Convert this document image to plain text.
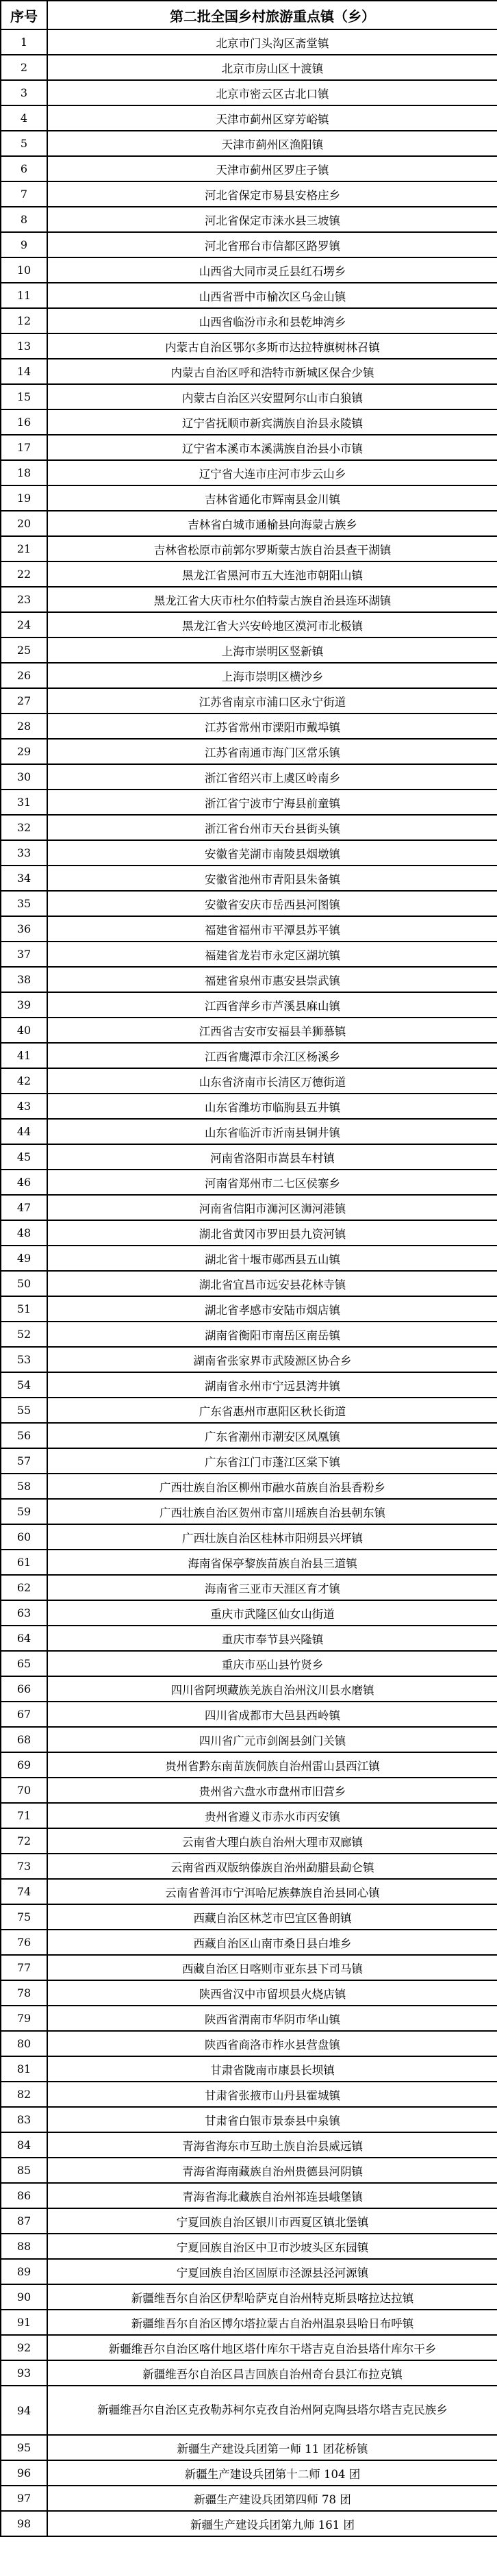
序号	第二批全国乡村旅游重点镇（乡）
1	北京市门头沟区斋堂镇
2	北京市房山区十渡镇
3	北京市密云区古北口镇
4	天津市蓟州区穿芳峪镇
5	天津市蓟州区渔阳镇
6	天津市蓟州区罗庄子镇
7	河北省保定市易县安格庄乡
8	河北省保定市涞水县三坡镇
9	河北省邢台市信都区路罗镇
10	山西省大同市灵丘县红石塄乡
11	山西省晋中市榆次区乌金山镇
12	山西省临汾市永和县乾坤湾乡
13	内蒙古自治区鄂尔多斯市达拉特旗树林召镇
14	内蒙古自治区呼和浩特市新城区保合少镇
15	内蒙古自治区兴安盟阿尔山市白狼镇
16	辽宁省抚顺市新宾满族自治县永陵镇
17	辽宁省本溪市本溪满族自治县小市镇
18	辽宁省大连市庄河市步云山乡
19	吉林省通化市辉南县金川镇
20	吉林省白城市通榆县向海蒙古族乡
21	吉林省松原市前郭尔罗斯蒙古族自治县查干湖镇
22	黑龙江省黑河市五大连池市朝阳山镇
23	黑龙江省大庆市杜尔伯特蒙古族自治县连环湖镇
24	黑龙江省大兴安岭地区漠河市北极镇
25	上海市崇明区竖新镇
26	上海市崇明区横沙乡
27	江苏省南京市浦口区永宁街道
28	江苏省常州市溧阳市戴埠镇
29	江苏省南通市海门区常乐镇
30	浙江省绍兴市上虞区岭南乡
31	浙江省宁波市宁海县前童镇
32	浙江省台州市天台县街头镇
33	安徽省芜湖市南陵县烟墩镇
34	安徽省池州市青阳县朱备镇
35	安徽省安庆市岳西县河图镇
36	福建省福州市平潭县苏平镇
37	福建省龙岩市永定区湖坑镇
38	福建省泉州市惠安县崇武镇
39	江西省萍乡市芦溪县麻山镇
40	江西省吉安市安福县羊狮慕镇
41	江西省鹰潭市余江区杨溪乡
42	山东省济南市长清区万德街道
43	山东省潍坊市临朐县五井镇
44	山东省临沂市沂南县铜井镇
45	河南省洛阳市嵩县车村镇
46	河南省郑州市二七区侯寨乡
47	河南省信阳市浉河区浉河港镇
48	湖北省黄冈市罗田县九资河镇
49	湖北省十堰市郧西县五山镇
50	湖北省宜昌市远安县花林寺镇
51	湖北省孝感市安陆市烟店镇
52	湖南省衡阳市南岳区南岳镇
53	湖南省张家界市武陵源区协合乡
54	湖南省永州市宁远县湾井镇
55	广东省惠州市惠阳区秋长街道
56	广东省潮州市潮安区凤凰镇
57	广东省江门市蓬江区棠下镇
58	广西壮族自治区柳州市融水苗族自治县香粉乡
59	广西壮族自治区贺州市富川瑶族自治县朝东镇
60	广西壮族自治区桂林市阳朔县兴坪镇
61	海南省保亭黎族苗族自治县三道镇
62	海南省三亚市天涯区育才镇
63	重庆市武隆区仙女山街道
64	重庆市奉节县兴隆镇
65	重庆市巫山县竹贤乡
66	四川省阿坝藏族羌族自治州汶川县水磨镇
67	四川省成都市大邑县西岭镇
68	四川省广元市剑阁县剑门关镇
69	贵州省黔东南苗族侗族自治州雷山县西江镇
70	贵州省六盘水市盘州市旧营乡
71	贵州省遵义市赤水市丙安镇
72	云南省大理白族自治州大理市双廊镇
73	云南省西双版纳傣族自治州勐腊县勐仑镇
74	云南省普洱市宁洱哈尼族彝族自治县同心镇
75	西藏自治区林芝市巴宜区鲁朗镇
76	西藏自治区山南市桑日县白堆乡
77	西藏自治区日喀则市亚东县下司马镇
78	陕西省汉中市留坝县火烧店镇
79	陕西省渭南市华阴市华山镇
80	陕西省商洛市柞水县营盘镇
81	甘肃省陇南市康县长坝镇
82	甘肃省张掖市山丹县霍城镇
83	甘肃省白银市景泰县中泉镇
84	青海省海东市互助土族自治县威远镇
85	青海省海南藏族自治州贵德县河阴镇
86	青海省海北藏族自治州祁连县峨堡镇
87	宁夏回族自治区银川市西夏区镇北堡镇
88	宁夏回族自治区中卫市沙坡头区东园镇
89	宁夏回族自治区固原市泾源县泾河源镇
90	新疆维吾尔自治区伊犁哈萨克自治州特克斯县喀拉达拉镇
91	新疆维吾尔自治区博尔塔拉蒙古自治州温泉县哈日布呼镇
92	新疆维吾尔自治区喀什地区塔什库尔干塔吉克自治县塔什库尔干乡
93	新疆维吾尔自治区昌吉回族自治州奇台县江布拉克镇
94	新疆维吾尔自治区克孜勒苏柯尔克孜自治州阿克陶县塔尔塔吉克民族乡
95	新疆生产建设兵团第一师 11 团花桥镇
96	新疆生产建设兵团第十二师 104 团
97	新疆生产建设兵团第四师 78 团
98	新疆生产建设兵团第九师 161 团
